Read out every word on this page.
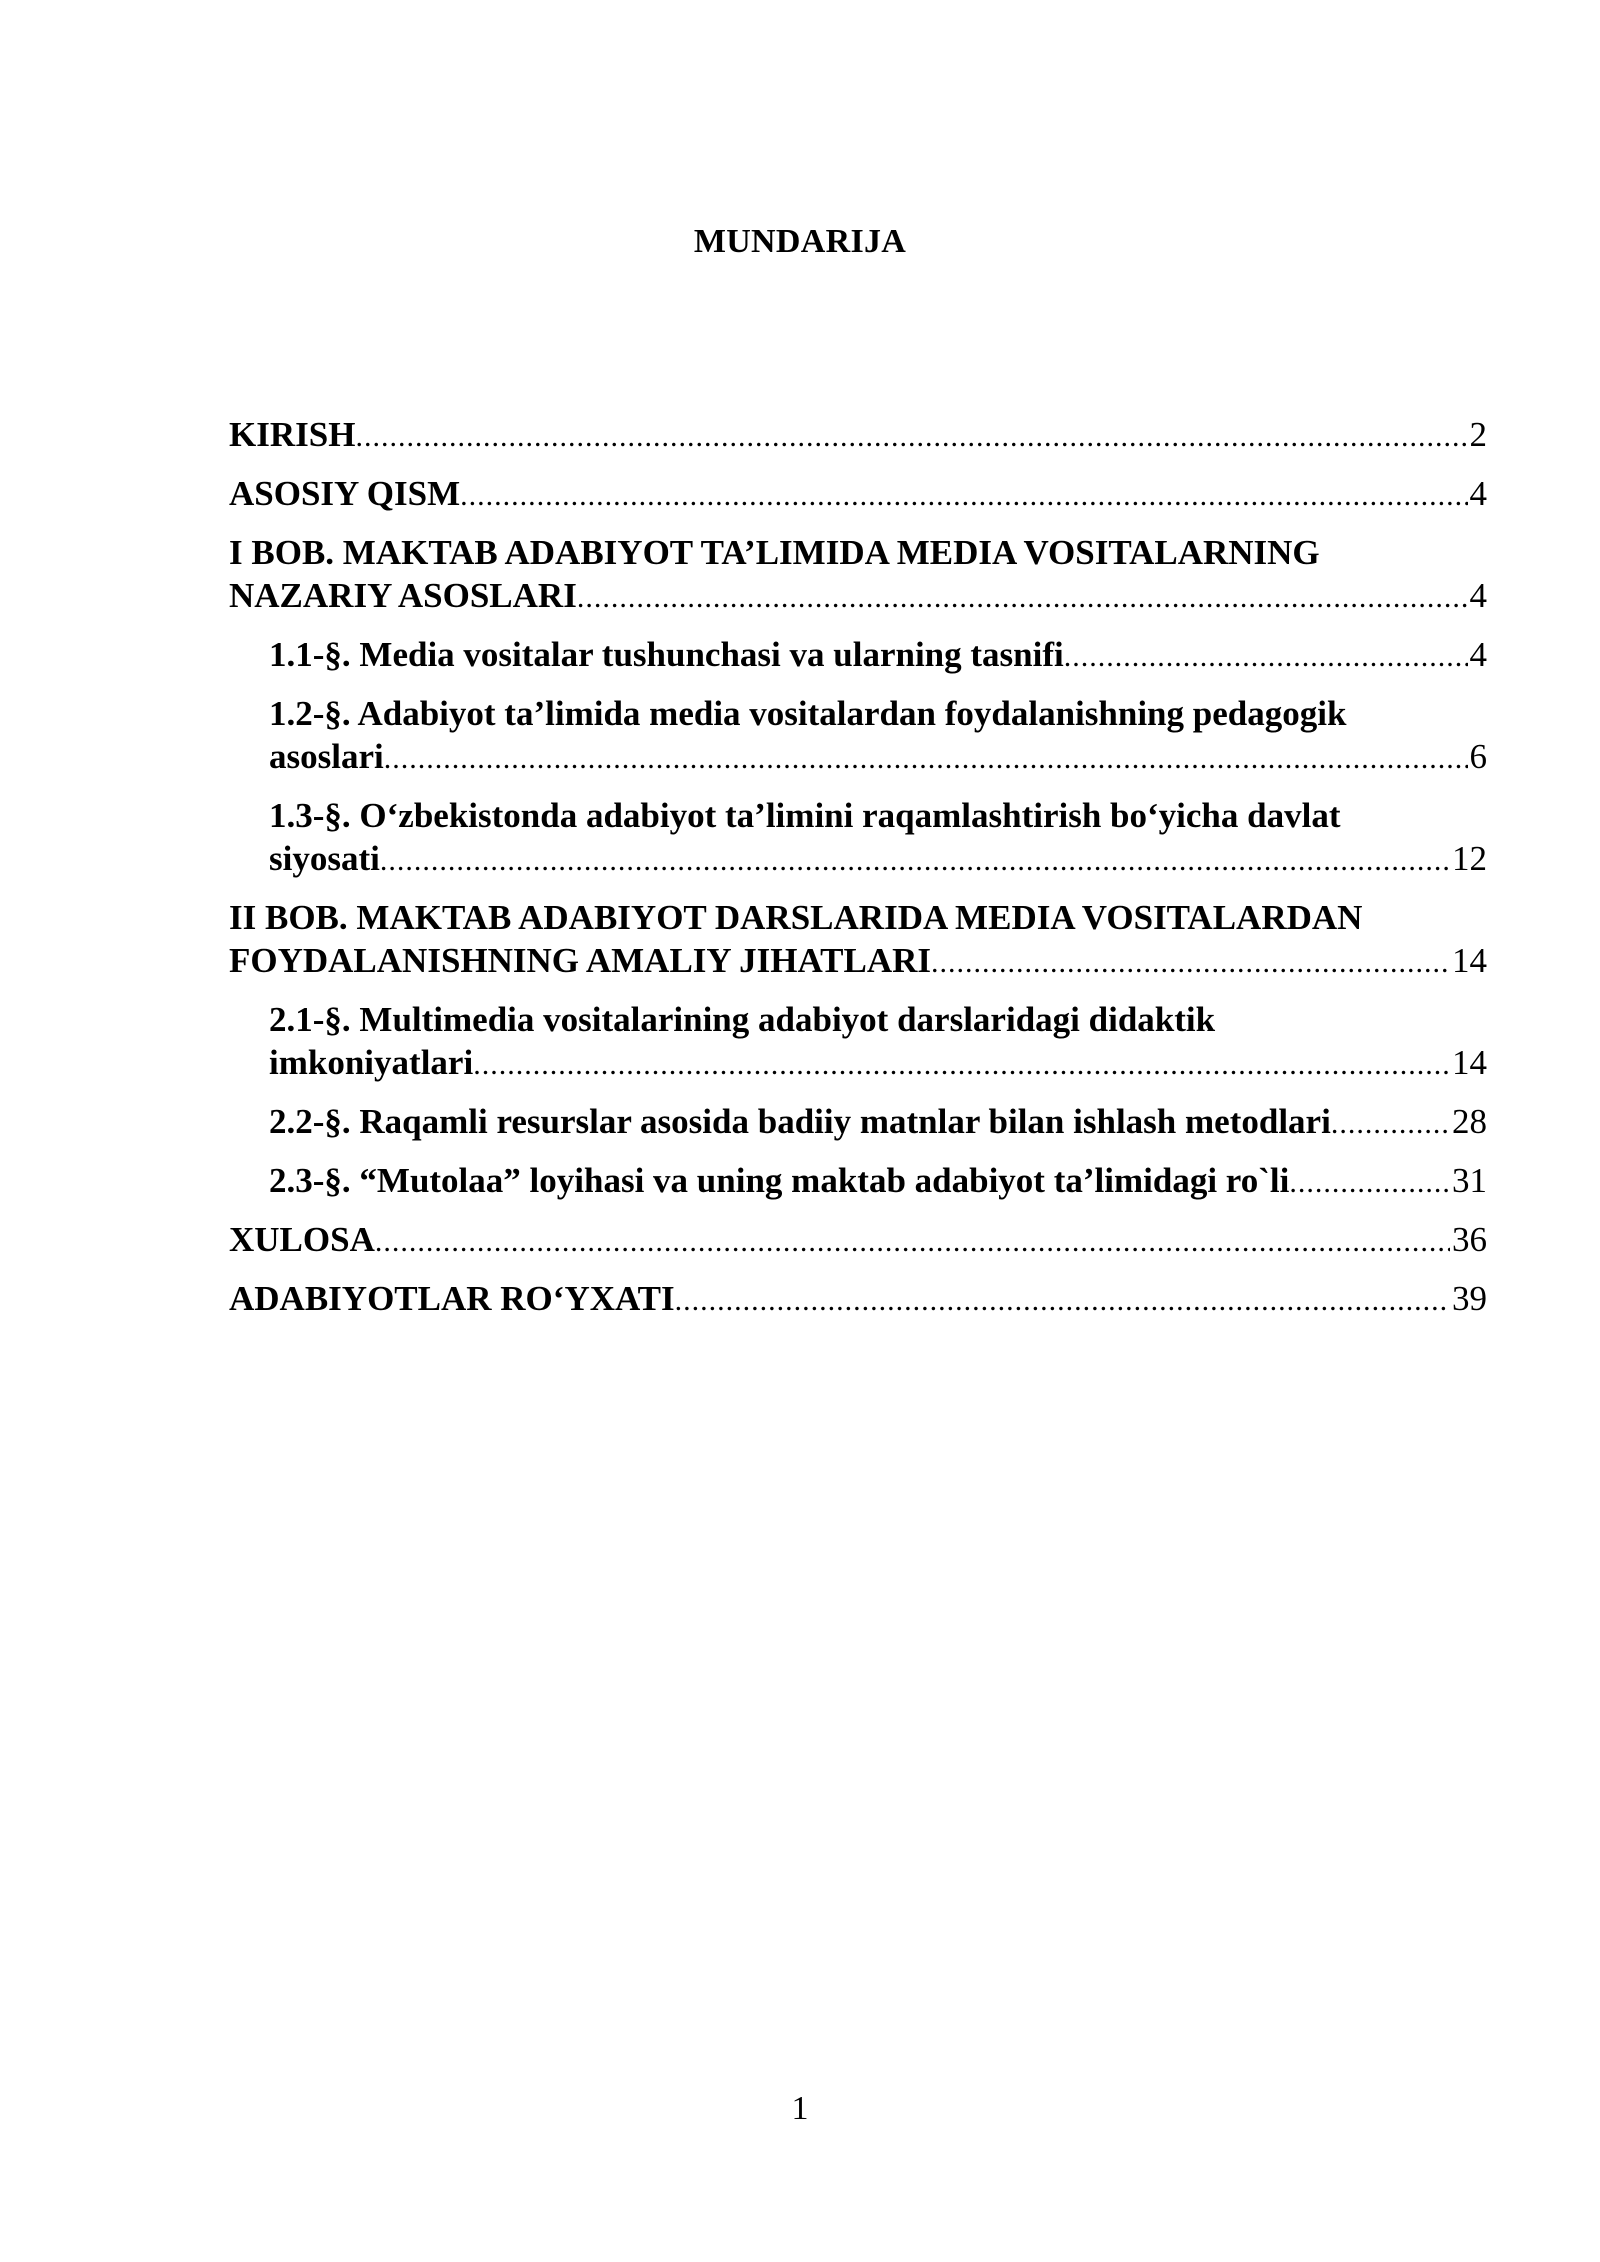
MUNDARIJA
KIRISH .....	2
ASOSIY QISM .....	4
I BOB. MAKTAB ADABIYOT TA’LIMIDA MEDIA VOSITALARNING
NAZARIY ASOSLARI .....	4
1.1-§. Media vositalar tushunchasi va ularning tasnifi .....	4
1.2-§. Adabiyot ta’limida media vositalardan foydalanishning pedagogik
asoslari .....	6
1.3-§. O‘zbekistonda adabiyot ta’limini raqamlashtirish bo‘yicha davlat
siyosati .....	12
II BOB. MAKTAB ADABIYOT DARSLARIDA MEDIA VOSITALARDAN
FOYDALANISHNING AMALIY JIHATLARI .....	14
2.1-§. Multimedia vositalarining adabiyot darslaridagi didaktik
imkoniyatlari .....	14
2.2-§. Raqamli resurslar asosida badiiy matnlar bilan ishlash metodlari .....	28
2.3-§. “Mutolaa” loyihasi va uning maktab adabiyot ta’limidagi ro`li .....	31
XULOSA .....	36
ADABIYOTLAR RO‘YXATI .....	39
1
